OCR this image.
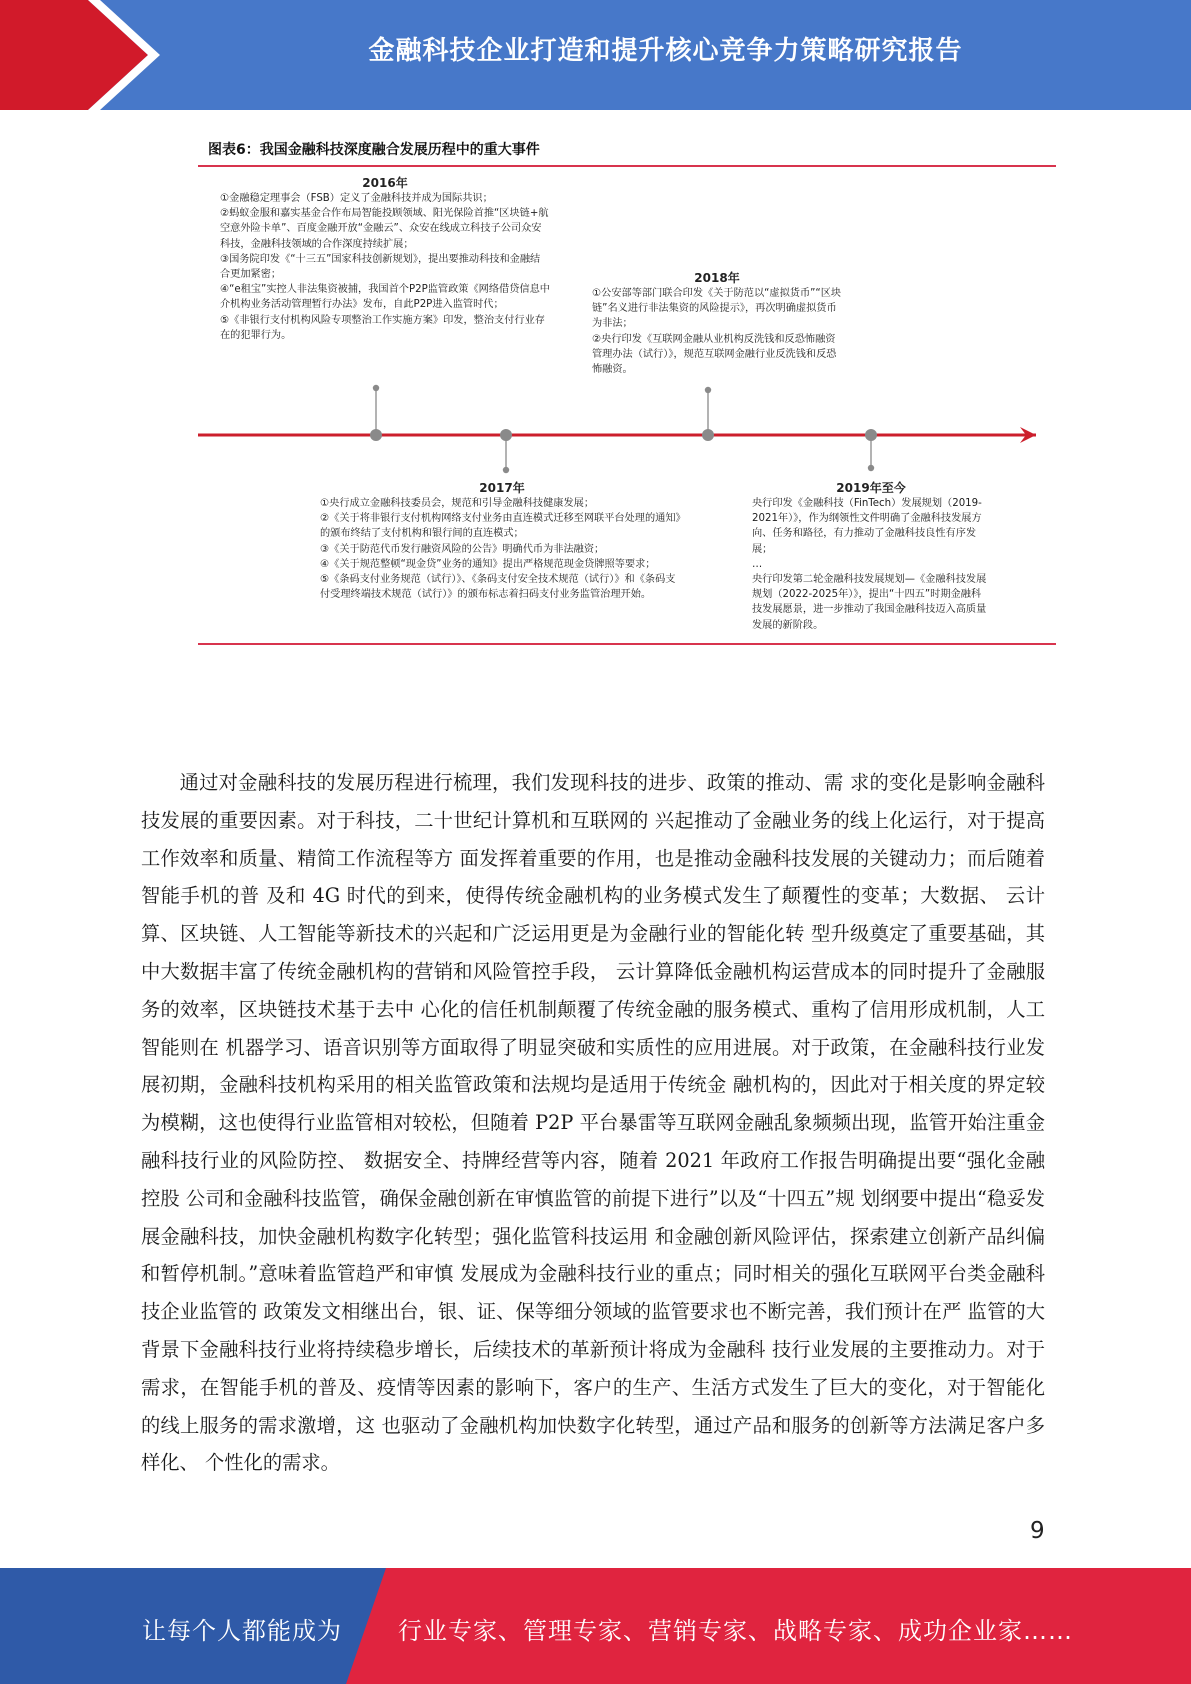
金融科技企业打造和提升核心竞争力策略研究报告
图表6：我国金融科技深度融合发展历程中的重大事件
2016年
①金融稳定理事会（FSB）定义了金融科技并成为国际共识；
②蚂蚁金服和嘉实基金合作布局智能投顾领域、阳光保险首推“区块链+航空意外险卡单”、百度金融开放“金融云”、众安在线成立科技子公司众安科技，金融科技领域的合作深度持续扩展；
③国务院印发《“十三五”国家科技创新规划》，提出要推动科技和金融结合更加紧密；
④“e租宝”实控人非法集资被捕，我国首个P2P监管政策《网络借贷信息中介机构业务活动管理暂行办法》发布，自此P2P进入监管时代；
⑤《非银行支付机构风险专项整治工作实施方案》印发，整治支付行业存在的犯罪行为。
2018年
①公安部等部门联合印发《关于防范以“虚拟货币”“区块链”名义进行非法集资的风险提示》，再次明确虚拟货币为非法；
②央行印发《互联网金融从业机构反洗钱和反恐怖融资管理办法（试行）》，规范互联网金融行业反洗钱和反恐怖融资。
2017年
①央行成立金融科技委员会，规范和引导金融科技健康发展；
②《关于将非银行支付机构网络支付业务由直连模式迁移至网联平台处理的通知》的颁布终结了支付机构和银行间的直连模式；
③《关于防范代币发行融资风险的公告》明确代币为非法融资；
④《关于规范整顿“现金贷”业务的通知》提出严格规范现金贷牌照等要求；
⑤《条码支付业务规范（试行）》、《条码支付安全技术规范（试行）》和《条码支付受理终端技术规范（试行）》的颁布标志着扫码支付业务监管治理开始。
2019年至今
央行印发《金融科技（FinTech）发展规划（2019-2021年）》，作为纲领性文件明确了金融科技发展方向、任务和路径，有力推动了金融科技良性有序发展；
…
央行印发第二轮金融科技发展规划—《金融科技发展规划（2022-2025年）》，提出“十四五”时期金融科技发展愿景，进一步推动了我国金融科技迈入高质量发展的新阶段。

通过对金融科技的发展历程进行梳理，我们发现科技的进步、政策的推动、需 求的变化是影响金融科技发展的重要因素。对于科技，二十世纪计算机和互联网的 兴起推动了金融业务的线上化运行，对于提高工作效率和质量、精简工作流程等方 面发挥着重要的作用，也是推动金融科技发展的关键动力；而后随着智能手机的普 及和 4G 时代的到来，使得传统金融机构的业务模式发生了颠覆性的变革；大数据、 云计算、区块链、人工智能等新技术的兴起和广泛运用更是为金融行业的智能化转 型升级奠定了重要基础，其中大数据丰富了传统金融机构的营销和风险管控手段， 云计算降低金融机构运营成本的同时提升了金融服务的效率，区块链技术基于去中 心化的信任机制颠覆了传统金融的服务模式、重构了信用形成机制，人工智能则在 机器学习、语音识别等方面取得了明显突破和实质性的应用进展。对于政策，在金融科技行业发展初期，金融科技机构采用的相关监管政策和法规均是适用于传统金 融机构的，因此对于相关度的界定较为模糊，这也使得行业监管相对较松，但随着 P2P 平台暴雷等互联网金融乱象频频出现，监管开始注重金融科技行业的风险防控、 数据安全、持牌经营等内容，随着 2021 年政府工作报告明确提出要“强化金融控股 公司和金融科技监管，确保金融创新在审慎监管的前提下进行”以及“十四五”规 划纲要中提出“稳妥发展金融科技，加快金融机构数字化转型；强化监管科技运用 和金融创新风险评估，探索建立创新产品纠偏和暂停机制。”意味着监管趋严和审慎 发展成为金融科技行业的重点；同时相关的强化互联网平台类金融科技企业监管的 政策发文相继出台，银、证、保等细分领域的监管要求也不断完善，我们预计在严 监管的大背景下金融科技行业将持续稳步增长，后续技术的革新预计将成为金融科 技行业发展的主要推动力。对于需求，在智能手机的普及、疫情等因素的影响下，客户的生产、生活方式发生了巨大的变化，对于智能化的线上服务的需求激增，这 也驱动了金融机构加快数字化转型，通过产品和服务的创新等方法满足客户多样化、 个性化的需求。

9
让每个人都能成为 行业专家、管理专家、营销专家、战略专家、成功企业家……
